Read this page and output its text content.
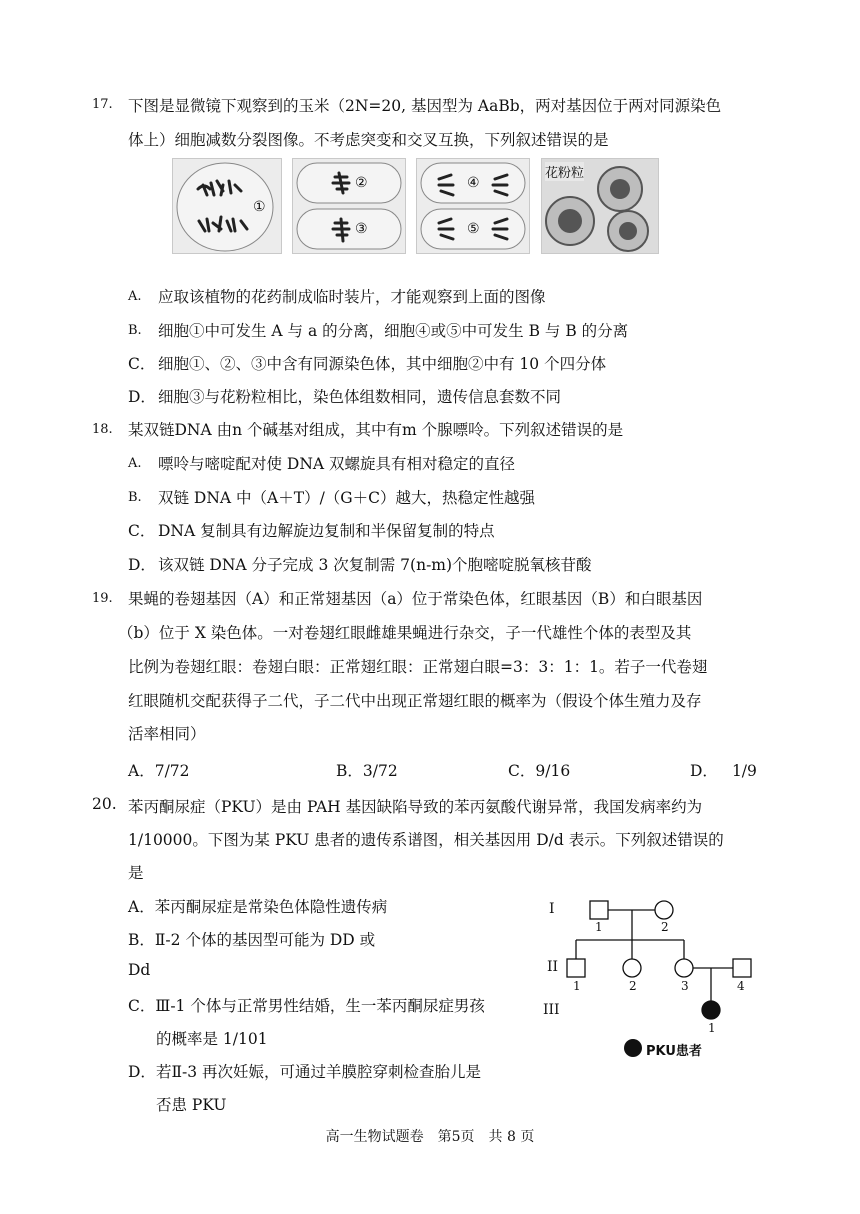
17. 下图是显微镜下观察到的玉米（2N=20, 基因型为 AaBb，两对基因位于两对同源染色
体上）细胞减数分裂图像。不考虑突变和交叉互换，下列叙述错误的是
①
②
③
④
⑤
花粉粒
A. 应取该植物的花药制成临时装片，才能观察到上面的图像
B. 细胞①中可发生 A 与 a 的分离，细胞④或⑤中可发生 B 与 B 的分离
C． 细胞①、②、③中含有同源染色体，其中细胞②中有 10 个四分体
D． 细胞③与花粉粒相比，染色体组数相同，遗传信息套数不同
18. 某双链DNA 由n 个碱基对组成，其中有m 个腺嘌呤。下列叙述错误的是
A. 嘌呤与嘧啶配对使 DNA 双螺旋具有相对稳定的直径
B. 双链 DNA 中（A＋T）/（G＋C）越大，热稳定性越强
C． DNA 复制具有边解旋边复制和半保留复制的特点
D． 该双链 DNA 分子完成 3 次复制需 7(n-m)个胞嘧啶脱氧核苷酸
19. 果蝇的卷翅基因（A）和正常翅基因（a）位于常染色体，红眼基因（B）和白眼基因
（b）位于 X 染色体。一对卷翅红眼雌雄果蝇进行杂交，子一代雄性个体的表型及其
比例为卷翅红眼：卷翅白眼：正常翅红眼：正常翅白眼=3：3：1：1。若子一代卷翅
红眼随机交配获得子二代，子二代中出现正常翅红眼的概率为（假设个体生殖力及存
活率相同）
A．7/72	B．3/72	C．9/16	D． 1/9
20. 苯丙酮尿症（PKU）是由 PAH 基因缺陷导致的苯丙氨酸代谢异常，我国发病率约为
1/10000。下图为某 PKU 患者的遗传系谱图，相关基因用 D/d 表示。下列叙述错误的
是
A．苯丙酮尿症是常染色体隐性遗传病
B．Ⅱ-2 个体的基因型可能为 DD 或
Dd
C．Ⅲ-1 个体与正常男性结婚，生一苯丙酮尿症男孩
的概率是 1/101
D．若Ⅱ-3 再次妊娠，可通过羊膜腔穿刺检查胎儿是
否患 PKU
I
II
III
1	2
1	2	3	4
1
PKU患者
高一生物试题卷　第5页　共 8 页
